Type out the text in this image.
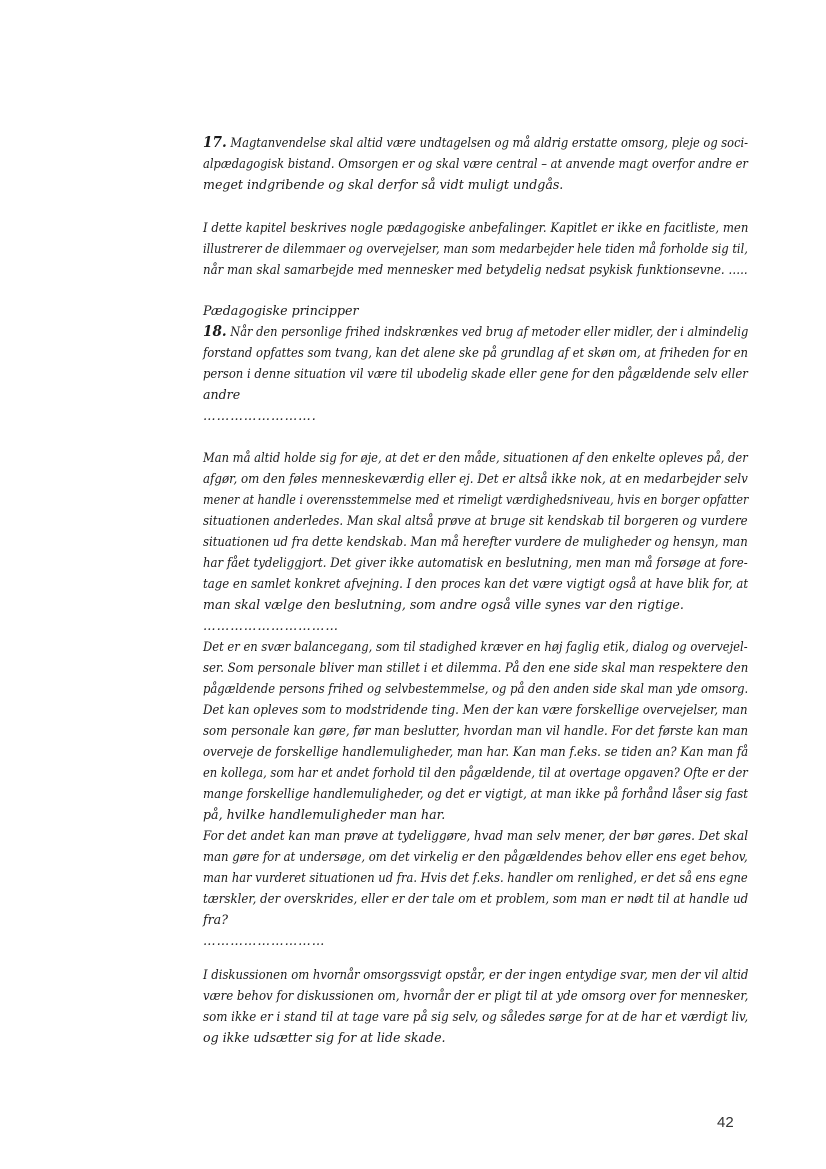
17. Magtanvendelse skal altid være undtagelsen og må aldrig erstatte omsorg, pleje og soci-
alpædagogisk bistand. Omsorgen er og skal være central – at anvende magt overfor andre er
meget indgribende og skal derfor så vidt muligt undgås.
I dette kapitel beskrives nogle pædagogiske anbefalinger. Kapitlet er ikke en facitliste, men
illustrerer de dilemmaer og overvejelser, man som medarbejder hele tiden må forholde sig til,
når man skal samarbejde med mennesker med betydelig nedsat psykisk funktionsevne. …..
Pædagogiske principper
18. Når den personlige frihed indskrænkes ved brug af metoder eller midler, der i almindelig
forstand opfattes som tvang, kan det alene ske på grundlag af et skøn om, at friheden for en
person i denne situation vil være til ubodelig skade eller gene for den pågældende selv eller
andre
…………………….
Man må altid holde sig for øje, at det er den måde, situationen af den enkelte opleves på, der
afgør, om den føles menneskeværdig eller ej. Det er altså ikke nok, at en medarbejder selv
mener at handle i overensstemmelse med et rimeligt værdighedsniveau, hvis en borger opfatter
situationen anderledes. Man skal altså prøve at bruge sit kendskab til borgeren og vurdere
situationen ud fra dette kendskab. Man må herefter vurdere de muligheder og hensyn, man
har fået tydeliggjort. Det giver ikke automatisk en beslutning, men man må forsøge at fore-
tage en samlet konkret afvejning. I den proces kan det være vigtigt også at have blik for, at
man skal vælge den beslutning, som andre også ville synes var den rigtige.
…………………………
Det er en svær balancegang, som til stadighed kræver en høj faglig etik, dialog og overvejel-
ser. Som personale bliver man stillet i et dilemma. På den ene side skal man respektere den
pågældende persons frihed og selvbestemmelse, og på den anden side skal man yde omsorg.
Det kan opleves som to modstridende ting. Men der kan være forskellige overvejelser, man
som personale kan gøre, før man beslutter, hvordan man vil handle. For det første kan man
overveje de forskellige handlemuligheder, man har. Kan man f.eks. se tiden an? Kan man få
en kollega, som har et andet forhold til den pågældende, til at overtage opgaven? Ofte er der
mange forskellige handlemuligheder, og det er vigtigt, at man ikke på forhånd låser sig fast
på, hvilke handlemuligheder man har.
For det andet kan man prøve at tydeliggøre, hvad man selv mener, der bør gøres. Det skal
man gøre for at undersøge, om det virkelig er den pågældendes behov eller ens eget behov,
man har vurderet situationen ud fra. Hvis det f.eks. handler om renlighed, er det så ens egne
tærskler, der overskrides, eller er der tale om et problem, som man er nødt til at handle ud
fra?
………………………
I diskussionen om hvornår omsorgssvigt opstår, er der ingen entydige svar, men der vil altid
være behov for diskussionen om, hvornår der er pligt til at yde omsorg over for mennesker,
som ikke er i stand til at tage vare på sig selv, og således sørge for at de har et værdigt liv,
og ikke udsætter sig for at lide skade.
42
